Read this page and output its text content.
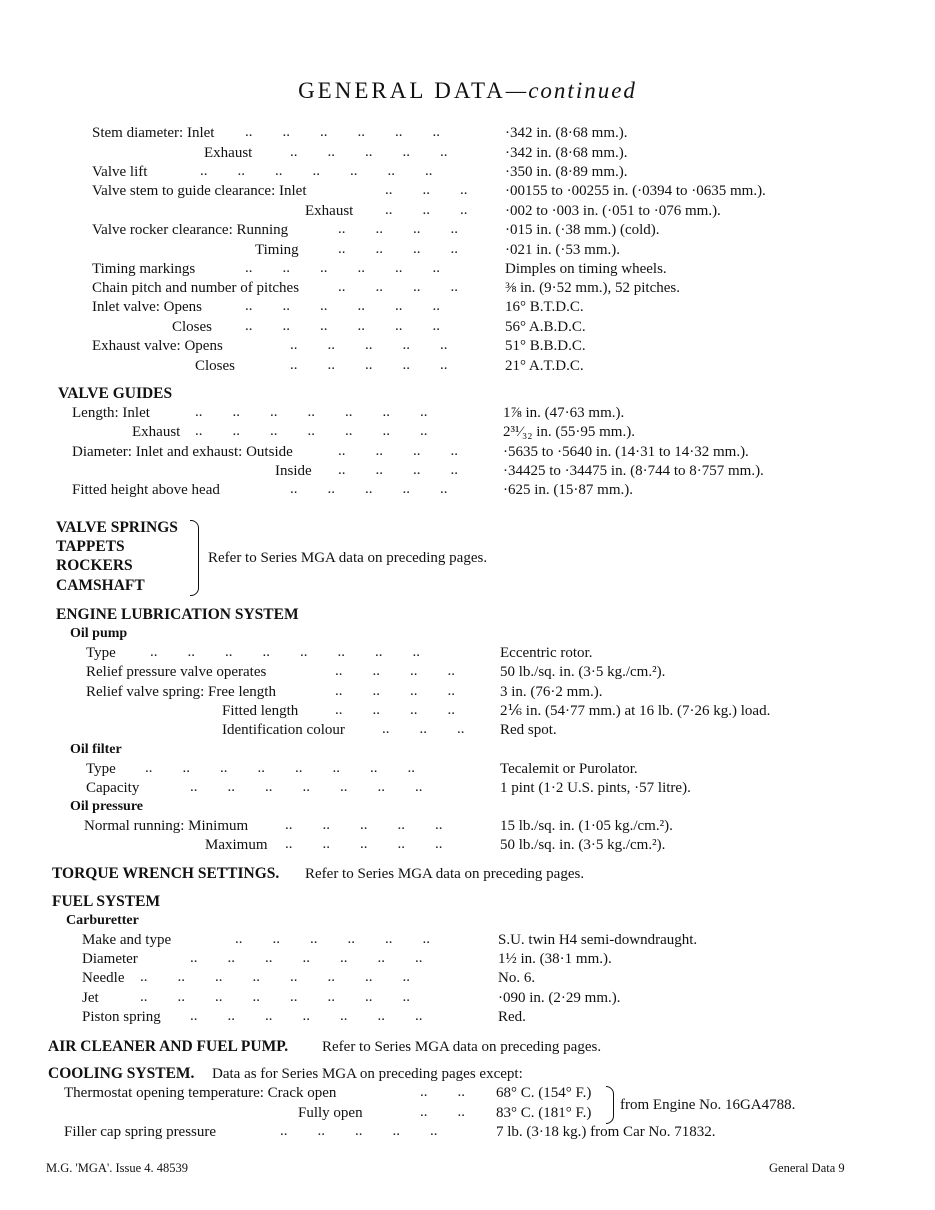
GENERAL DATA—continued
Stem diameter: Inlet ..        ..        ..        ..        ..        ..	·342 in. (8·68 mm.).
Exhaust	..        ..        ..        ..        ..	·342 in. (8·68 mm.).
Valve lift	..        ..        ..        ..        ..        ..        ..	·350 in. (8·89 mm.).
Valve stem to guide clearance: Inlet	..        ..        ..	·00155 to ·00255 in. (·0394 to ·0635 mm.).
Exhaust ..        ..        ..	·002 to ·003 in. (·051 to ·076 mm.).
Valve rocker clearance: Running	..        ..        ..        ..	·015 in. (·38 mm.) (cold).
Timing	..        ..        ..        ..	·021 in. (·53 mm.).
Timing markings	..        ..        ..        ..        ..        ..	Dimples on timing wheels.
Chain pitch and number of pitches	..        ..        ..        ..	⅜ in. (9·52 mm.), 52 pitches.
Inlet valve: Opens	..        ..        ..        ..        ..        ..	16° B.T.D.C.
Closes ..        ..        ..        ..        ..        ..	56° A.B.D.C.
Exhaust valve: Opens	..        ..        ..        ..        ..	51° B.B.D.C.
Closes	..        ..        ..        ..        ..	21° A.T.D.C.
VALVE GUIDES
Length: Inlet	..        ..        ..        ..        ..        ..        ..	1⅞ in. (47·63 mm.).
Exhaust ..        ..        ..        ..        ..        ..        ..	2³¹⁄₃₂ in. (55·95 mm.).
Diameter: Inlet and exhaust: Outside	..        ..        ..        ..	·5635 to ·5640 in. (14·31 to 14·32 mm.).
Inside ..        ..        ..        ..	·34425 to ·34475 in. (8·744 to 8·757 mm.).
Fitted height above head	..        ..        ..        ..        ..	·625 in. (15·87 mm.).
VALVE SPRINGS
TAPPETS
ROCKERS
CAMSHAFT
Refer to Series MGA data on preceding pages.
ENGINE LUBRICATION SYSTEM
Oil pump
Type ..        ..        ..        ..        ..        ..        ..        ..	Eccentric rotor.
Relief pressure valve operates	..        ..        ..        ..	50 lb./sq. in. (3·5 kg./cm.²).
Relief valve spring: Free length	..        ..        ..        ..	3 in. (76·2 mm.).
Fitted length ..        ..        ..        ..	2⅙ in. (54·77 mm.) at 16 lb. (7·26 kg.) load.
Identification colour ..        ..        .. Red spot.
Oil filter
Type ..        ..        ..        ..        ..        ..        ..        ..	Tecalemit or Purolator.
Capacity	..        ..        ..        ..        ..        ..        ..	1 pint (1·2 U.S. pints, ·57 litre).
Oil pressure
Normal running: Minimum ..        ..        ..        ..        ..	15 lb./sq. in. (1·05 kg./cm.²).
Maximum ..        ..        ..        ..        ..	50 lb./sq. in. (3·5 kg./cm.²).
TORQUE WRENCH SETTINGS. Refer to Series MGA data on preceding pages.
FUEL SYSTEM
Carburetter
Make and type	..        ..        ..        ..        ..        ..	S.U. twin H4 semi-downdraught.
Diameter	..        ..        ..        ..        ..        ..        ..	1½ in. (38·1 mm.).
Needle ..        ..        ..        ..        ..        ..        ..        ..	No. 6.
Jet	..        ..        ..        ..        ..        ..        ..        ..	·090 in. (2·29 mm.).
Piston spring ..        ..        ..        ..        ..        ..        ..	Red.
AIR CLEANER AND FUEL PUMP. Refer to Series MGA data on preceding pages.
COOLING SYSTEM. Data as for Series MGA on preceding pages except:
Thermostat opening temperature: Crack open	..        .. 68° C. (154° F.)
Fully open	..        .. 83° C. (181° F.) from Engine No. 16GA4788.
Filler cap spring pressure	..        ..        ..        ..        ..	7 lb. (3·18 kg.) from Car No. 71832.
M.G. 'MGA'. Issue 4. 48539	General Data 9
